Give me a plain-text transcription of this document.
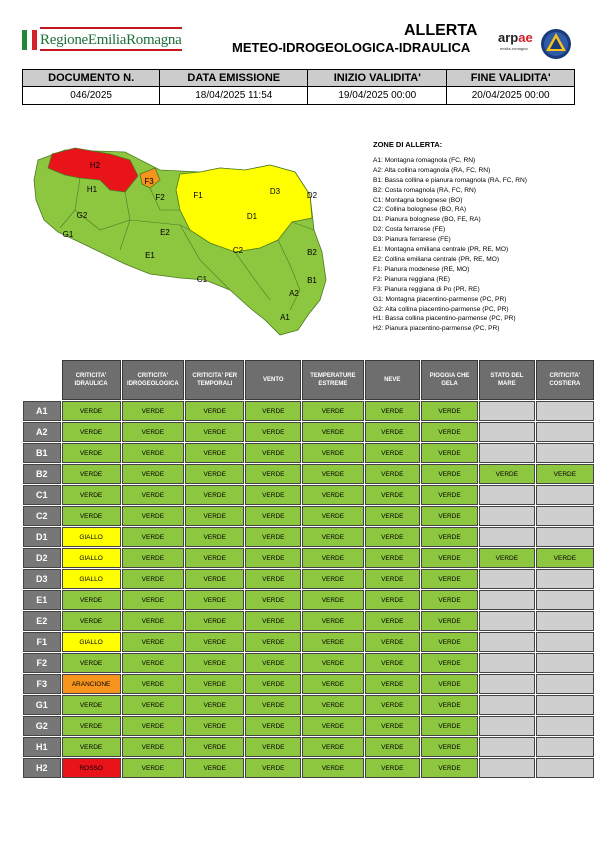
RegioneEmiliaRomagna
ALLERTA
METEO-IDROGEOLOGICA-IDRAULICA
arpae
emilia-romagna
DOCUMENTO N.	DATA EMISSIONE	INIZIO VALIDITA'	FINE VALIDITA'
046/2025	18/04/2025 11:54	19/04/2025 00:00	20/04/2025 00:00
H2
H1
F3
F2
G2
G1
F1	D3
D1
D2
E2
E1
C2
C1
B2
B1
A2
A1
ZONE DI ALLERTA:
A1: Montagna romagnola (FC, RN)
A2: Alta collina romagnola (RA, FC, RN)
B1: Bassa collina e pianura romagnola (RA, FC, RN)
B2: Costa romagnola (RA, FC, RN)
C1: Montagna bolognese (BO)
C2: Collina bolognese (BO, RA)
D1: Pianura bolognese (BO, FE, RA)
D2: Costa ferrarese (FE)
D3: Pianura ferrarese (FE)
E1: Montagna emiliana centrale (PR, RE, MO)
E2: Collina emiliana centrale (PR, RE, MO)
F1: Pianura modenese (RE, MO)
F2: Pianura reggiana (RE)
F3: Pianura reggiana di Po (PR, RE)
G1: Montagna piacentino-parmense (PC, PR)
G2: Alta collina piacentino-parmense (PC, PR)
H1: Bassa collina piacentino-parmense (PC, PR)
H2: Pianura piacentino-parmense (PC, PR)
	CRITICITA' IDRAULICA	CRITICITA' IDROGEOLOGICA	CRITICITA' PER TEMPORALI	VENTO	TEMPERATURE ESTREME	NEVE	PIOGGIA CHE GELA	STATO DEL MARE	CRITICITA' COSTIERA
A1	VERDE	VERDE	VERDE	VERDE	VERDE	VERDE	VERDE		
A2	VERDE	VERDE	VERDE	VERDE	VERDE	VERDE	VERDE		
B1	VERDE	VERDE	VERDE	VERDE	VERDE	VERDE	VERDE		
B2	VERDE	VERDE	VERDE	VERDE	VERDE	VERDE	VERDE	VERDE	VERDE
C1	VERDE	VERDE	VERDE	VERDE	VERDE	VERDE	VERDE		
C2	VERDE	VERDE	VERDE	VERDE	VERDE	VERDE	VERDE		
D1	GIALLO	VERDE	VERDE	VERDE	VERDE	VERDE	VERDE		
D2	GIALLO	VERDE	VERDE	VERDE	VERDE	VERDE	VERDE	VERDE	VERDE
D3	GIALLO	VERDE	VERDE	VERDE	VERDE	VERDE	VERDE		
E1	VERDE	VERDE	VERDE	VERDE	VERDE	VERDE	VERDE		
E2	VERDE	VERDE	VERDE	VERDE	VERDE	VERDE	VERDE		
F1	GIALLO	VERDE	VERDE	VERDE	VERDE	VERDE	VERDE		
F2	VERDE	VERDE	VERDE	VERDE	VERDE	VERDE	VERDE		
F3	ARANCIONE	VERDE	VERDE	VERDE	VERDE	VERDE	VERDE		
G1	VERDE	VERDE	VERDE	VERDE	VERDE	VERDE	VERDE		
G2	VERDE	VERDE	VERDE	VERDE	VERDE	VERDE	VERDE		
H1	VERDE	VERDE	VERDE	VERDE	VERDE	VERDE	VERDE		
H2	ROSSO	VERDE	VERDE	VERDE	VERDE	VERDE	VERDE		
